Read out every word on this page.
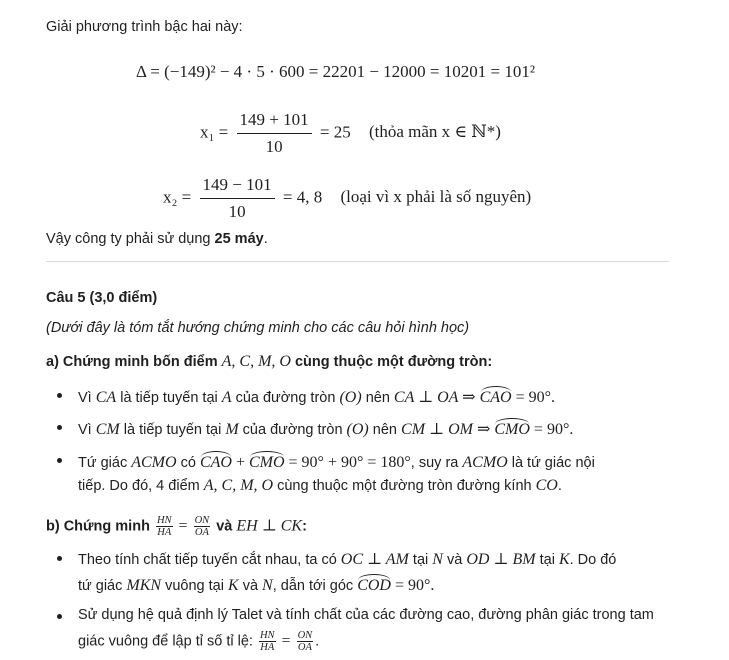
Giải phương trình bậc hai này:
Δ = (−149)² − 4 · 5 · 600 = 22201 − 12000 = 10201 = 101²
$x_1 = \frac{149 + 101}{10} = 25$ (thỏa mãn x ∈ ℕ*)
$x_2 = \frac{149 - 101}{10} = 4$, 8 (loại vì x phải là số nguyên)
Vậy công ty phải sử dụng 25 máy.
Câu 5 (3,0 điểm)
(Dưới đây là tóm tắt hướng chứng minh cho các câu hỏi hình học)
a) Chứng minh bốn điểm A, C, M, O cùng thuộc một đường tròn:
Vì CA là tiếp tuyến tại A của đường tròn (O) nên CA ⊥ OA ⇒ CAO = 90°.
Vì CM là tiếp tuyến tại M của đường tròn (O) nên CM ⊥ OM ⇒ CMO = 90°.
Tứ giác ACMO có CAO + CMO = 90° + 90° = 180°, suy ra ACMO là tứ giác nội
tiếp. Do đó, 4 điểm A, C, M, O cùng thuộc một đường tròn đường kính CO.
b) Chứng minh $\frac{HN}{HA} = \frac{ON}{OA}$ và EH ⊥ CK:
Theo tính chất tiếp tuyến cắt nhau, ta có OC ⊥ AM tại N và OD ⊥ BM tại K. Do đó
tứ giác MKN vuông tại K và N, dẫn tới góc COD = 90°.
Sử dụng hệ quả định lý Talet và tính chất của các đường cao, đường phân giác trong tam
giác vuông để lập tỉ số tỉ lệ: $\frac{HN}{HA} = \frac{ON}{OA}$ .
